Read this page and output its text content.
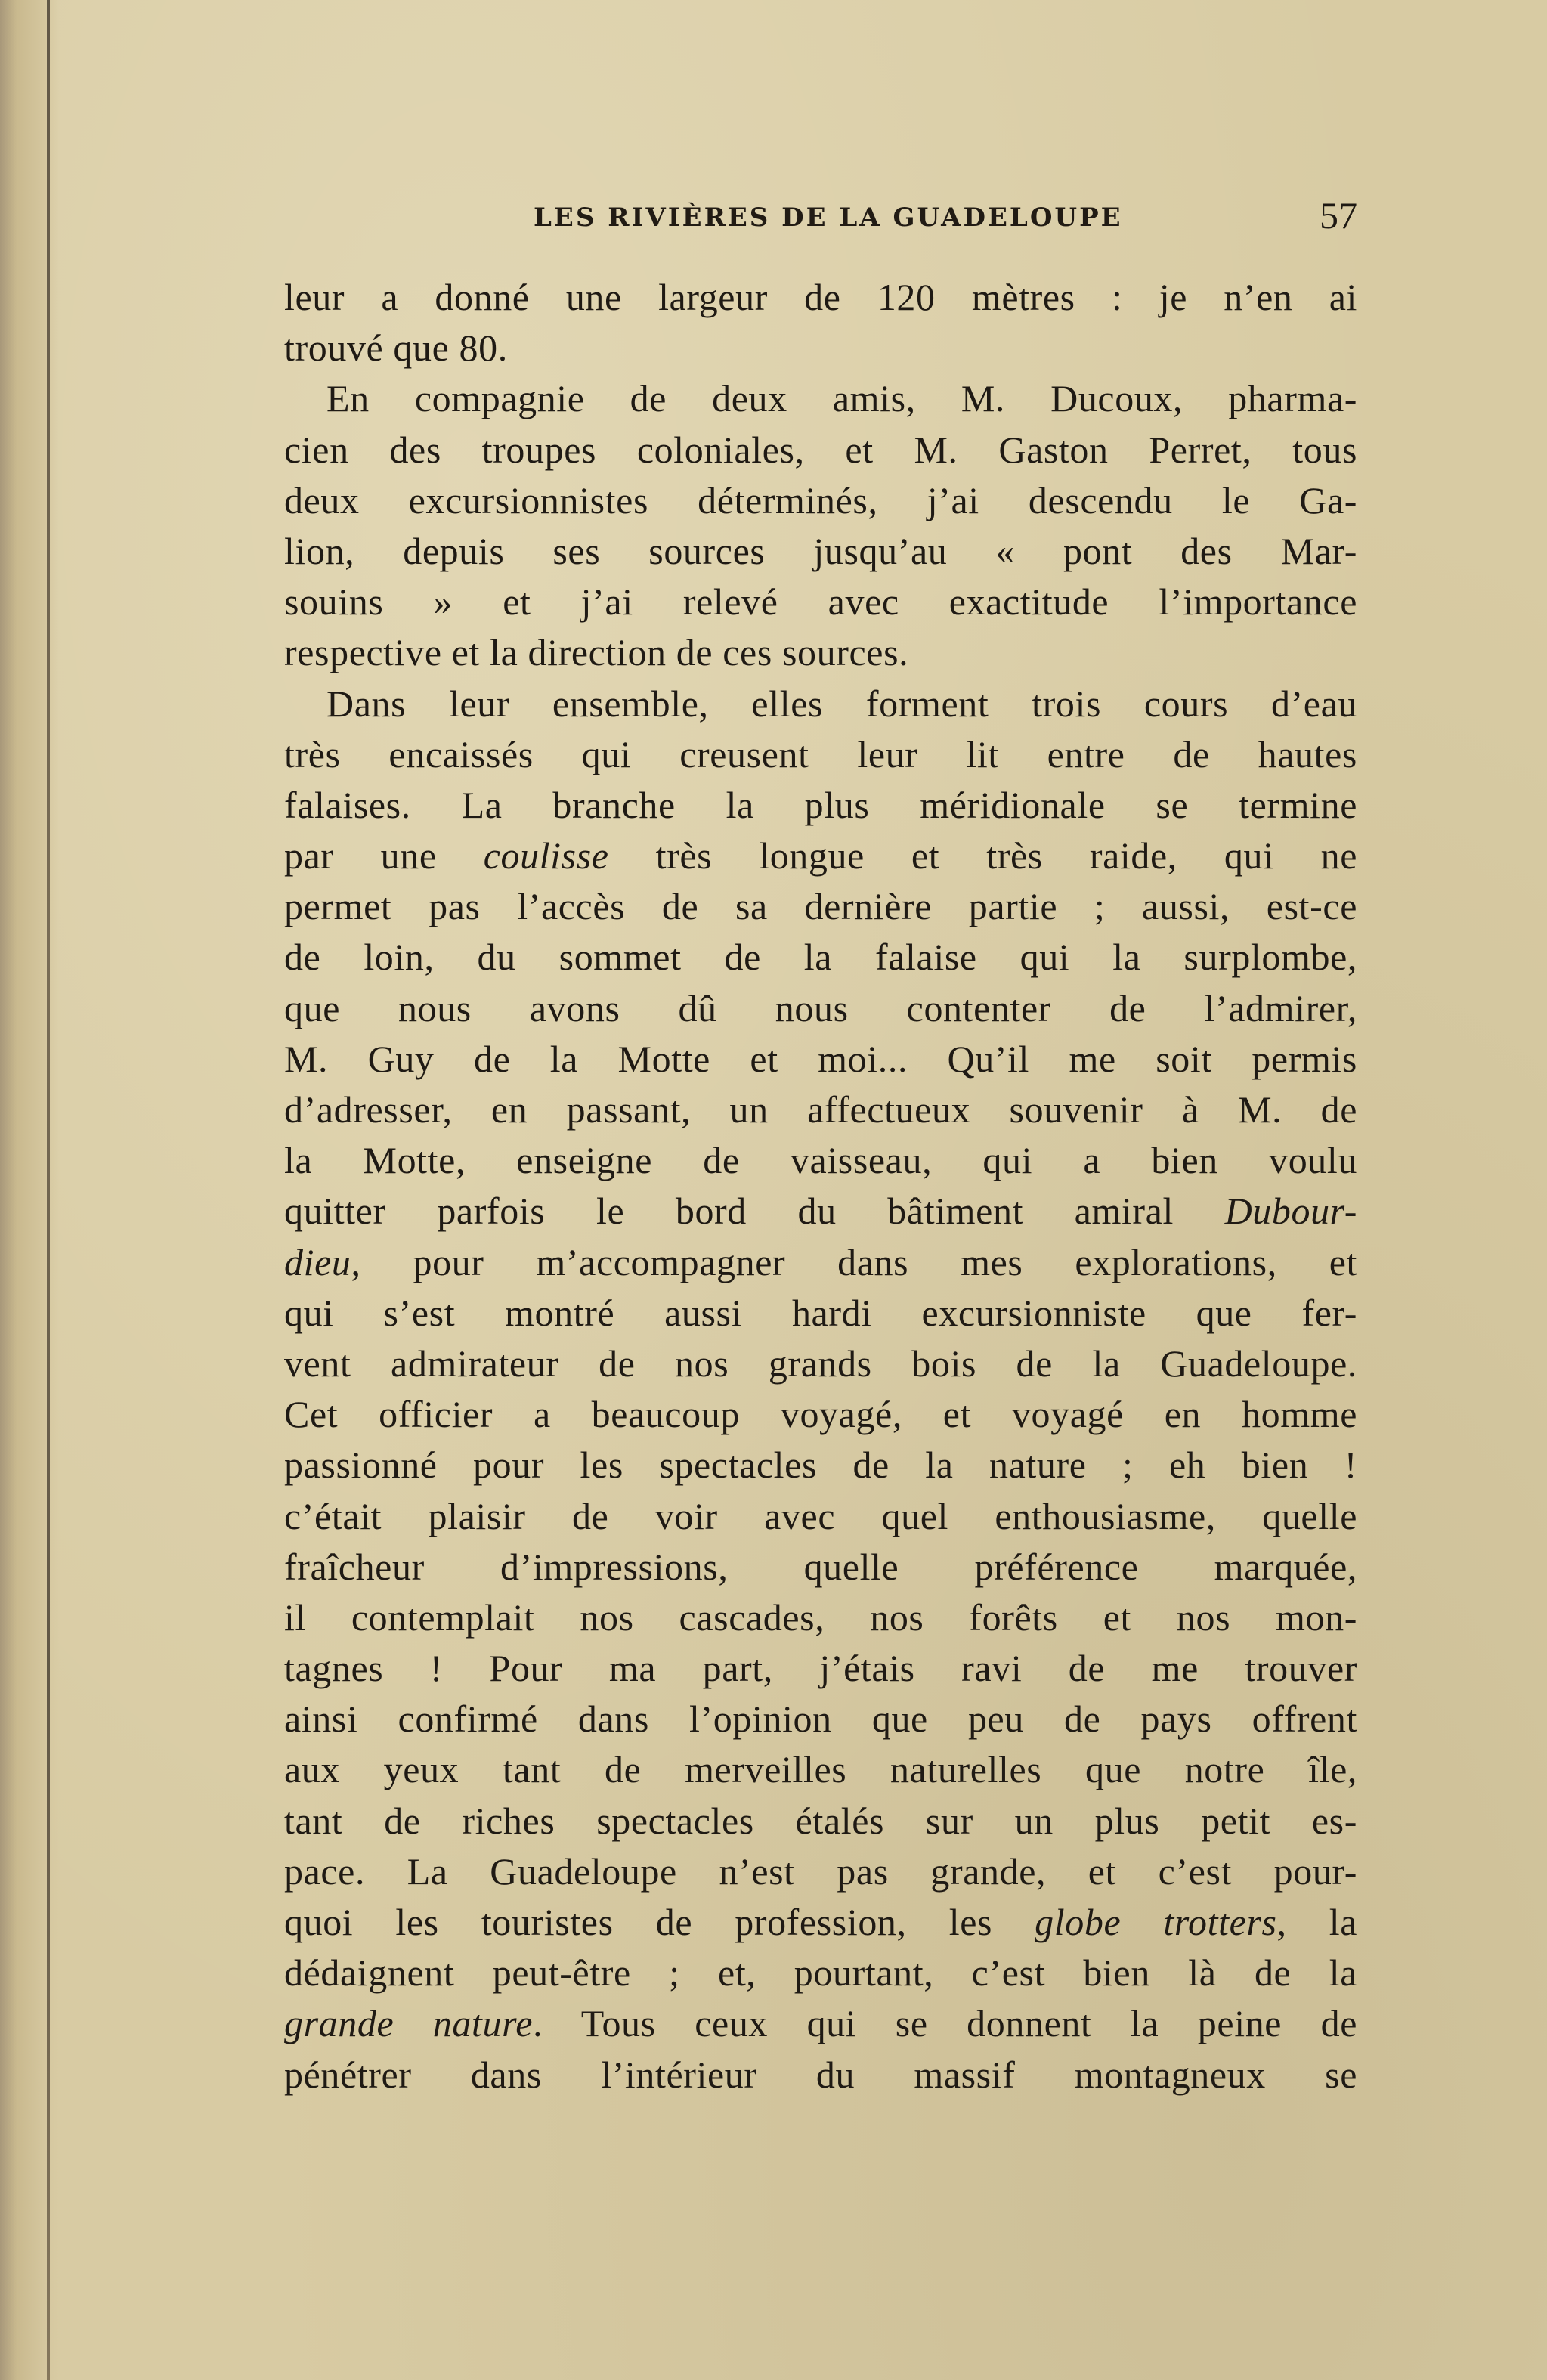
LES RIVIÈRES DE LA GUADELOUPE	57
leur a donné une largeur de 120 mètres : je n’en ai
trouvé que 80.
En compagnie de deux amis, M. Ducoux, pharma-
cien des troupes coloniales, et M. Gaston Perret, tous
deux excursionnistes déterminés, j’ai descendu le Ga-
lion, depuis ses sources jusqu’au « pont des Mar-
souins » et j’ai relevé avec exactitude l’importance
respective et la direction de ces sources.
Dans leur ensemble, elles forment trois cours d’eau
très encaissés qui creusent leur lit entre de hautes
falaises. La branche la plus méridionale se termine
par une coulisse très longue et très raide, qui ne
permet pas l’accès de sa dernière partie ; aussi, est-ce
de loin, du sommet de la falaise qui la surplombe,
que nous avons dû nous contenter de l’admirer,
M. Guy de la Motte et moi... Qu’il me soit permis
d’adresser, en passant, un affectueux souvenir à M. de
la Motte, enseigne de vaisseau, qui a bien voulu
quitter parfois le bord du bâtiment amiral Dubour-
dieu, pour m’accompagner dans mes explorations, et
qui s’est montré aussi hardi excursionniste que fer-
vent admirateur de nos grands bois de la Guadeloupe.
Cet officier a beaucoup voyagé, et voyagé en homme
passionné pour les spectacles de la nature ; eh bien !
c’était plaisir de voir avec quel enthousiasme, quelle
fraîcheur d’impressions, quelle préférence marquée,
il contemplait nos cascades, nos forêts et nos mon-
tagnes ! Pour ma part, j’étais ravi de me trouver
ainsi confirmé dans l’opinion que peu de pays offrent
aux yeux tant de merveilles naturelles que notre île,
tant de riches spectacles étalés sur un plus petit es-
pace. La Guadeloupe n’est pas grande, et c’est pour-
quoi les touristes de profession, les globe trotters, la
dédaignent peut-être ; et, pourtant, c’est bien là de la
grande nature. Tous ceux qui se donnent la peine de
pénétrer dans l’intérieur du massif montagneux se
